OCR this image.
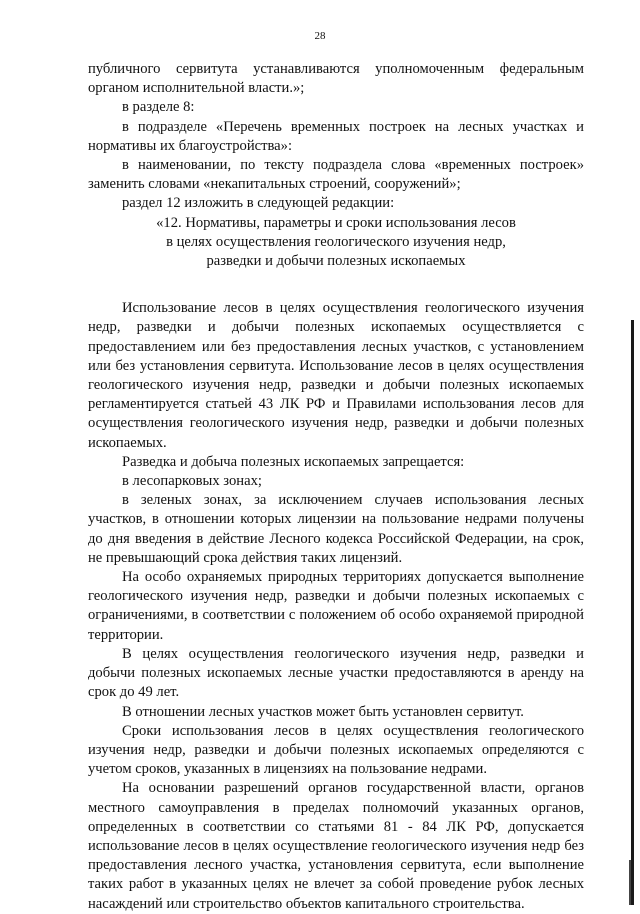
28

публичного сервитута устанавливаются уполномоченным федеральным органом исполнительной власти.»;

в разделе 8:

в подразделе «Перечень временных построек на лесных участках и нормативы их благоустройства»:

в наименовании, по тексту подраздела слова «временных построек» заменить словами «некапитальных строений, сооружений»;

раздел 12 изложить в следующей редакции:

«12. Нормативы, параметры и сроки использования лесов

в целях осуществления геологического изучения недр,

разведки и добычи полезных ископаемых

Использование лесов в целях осуществления геологического изучения недр, разведки и добычи полезных ископаемых осуществляется с предоставлением или без предоставления лесных участков, с установлением или без установления сервитута. Использование лесов в целях осуществления геологического изучения недр, разведки и добычи полезных ископаемых регламентируется статьей 43 ЛК РФ и Правилами использования лесов для осуществления геологического изучения недр, разведки и добычи полезных ископаемых.

Разведка и добыча полезных ископаемых запрещается:

в лесопарковых зонах;

в зеленых зонах, за исключением случаев использования лесных участков, в отношении которых лицензии на пользование недрами получены до дня введения в действие Лесного кодекса Российской Федерации, на срок, не превышающий срока действия таких лицензий.

На особо охраняемых природных территориях допускается выполнение геологического изучения недр, разведки и добычи полезных ископаемых с ограничениями, в соответствии с положением об особо охраняемой природной территории.

В целях осуществления геологического изучения недр, разведки и добычи полезных ископаемых лесные участки предоставляются в аренду на срок до 49 лет.

В отношении лесных участков может быть установлен сервитут.

Сроки использования лесов в целях осуществления геологического изучения недр, разведки и добычи полезных ископаемых определяются с учетом сроков, указанных в лицензиях на пользование недрами.

На основании разрешений органов государственной власти, органов местного самоуправления в пределах полномочий указанных органов, определенных в соответствии со статьями 81 - 84 ЛК РФ, допускается использование лесов в целях осуществление геологического изучения недр без предоставления лесного участка, установления сервитута, если выполнение таких работ в указанных целях не влечет за собой проведение рубок лесных насаждений или строительство объектов капитального строительства.
